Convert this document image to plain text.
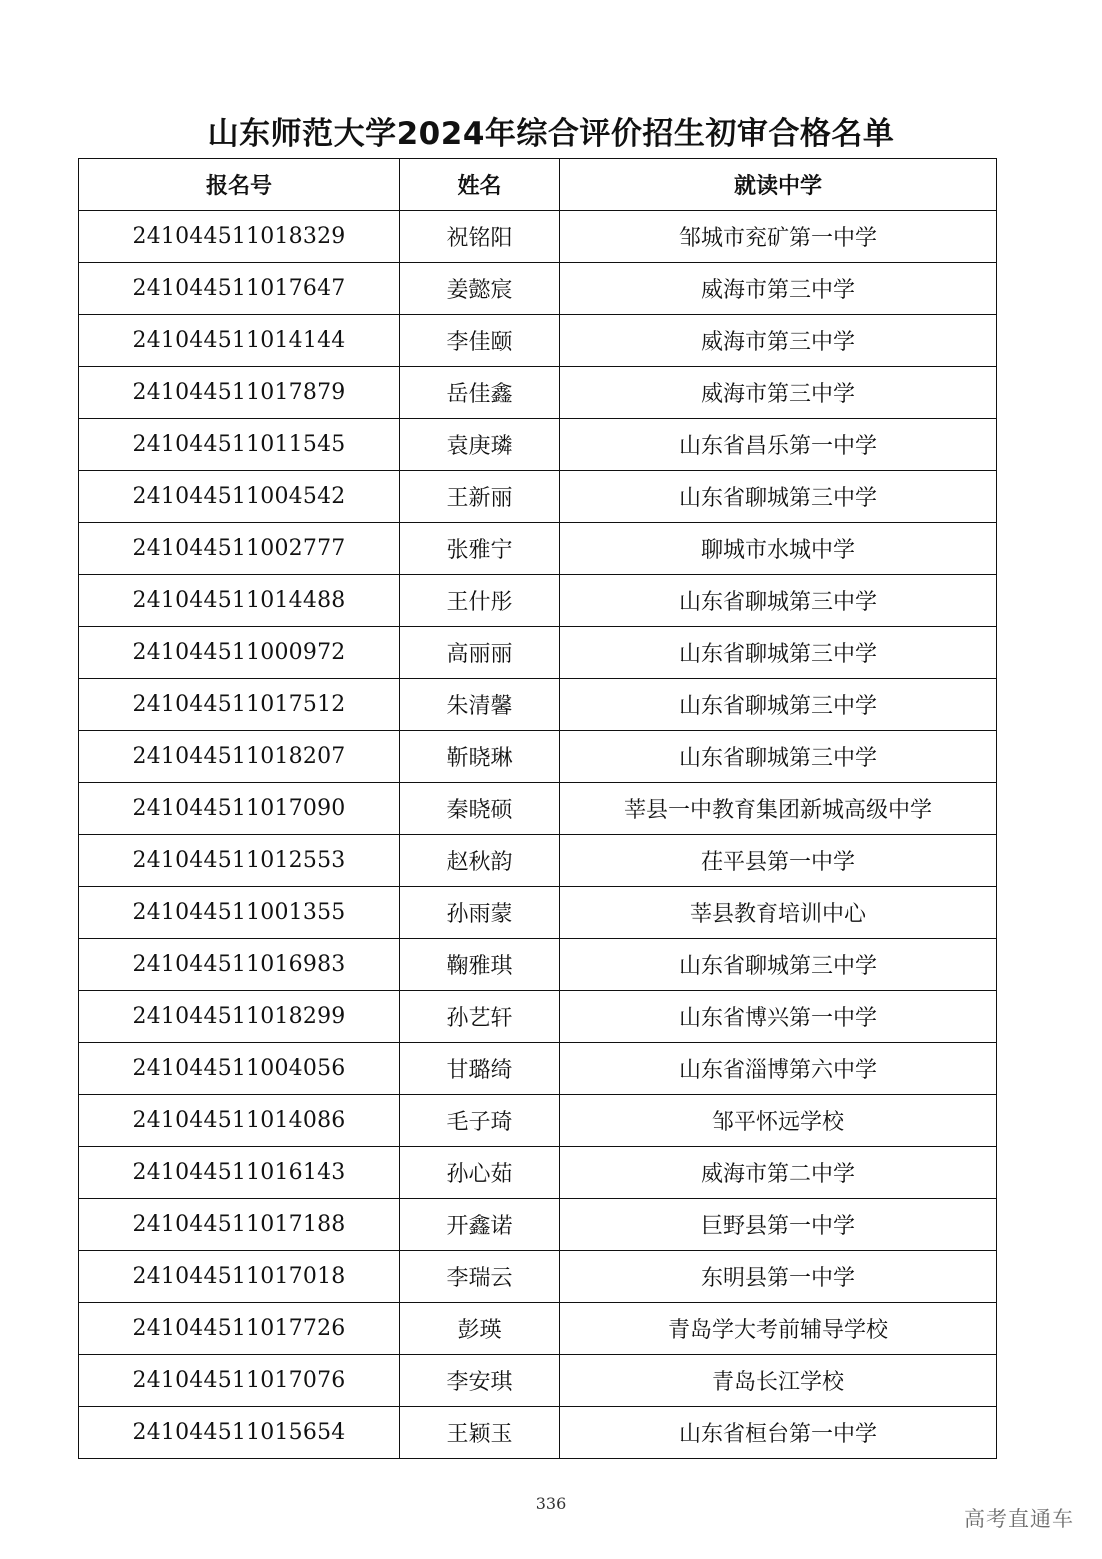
山东师范大学2024年综合评价招生初审合格名单
报名号	姓名	就读中学
241044511018329	祝铭阳	邹城市兖矿第一中学
241044511017647	姜懿宸	威海市第三中学
241044511014144	李佳颐	威海市第三中学
241044511017879	岳佳鑫	威海市第三中学
241044511011545	袁庚璘	山东省昌乐第一中学
241044511004542	王新丽	山东省聊城第三中学
241044511002777	张雅宁	聊城市水城中学
241044511014488	王什彤	山东省聊城第三中学
241044511000972	高丽丽	山东省聊城第三中学
241044511017512	朱清馨	山东省聊城第三中学
241044511018207	靳晓琳	山东省聊城第三中学
241044511017090	秦晓硕	莘县一中教育集团新城高级中学
241044511012553	赵秋韵	茌平县第一中学
241044511001355	孙雨蒙	莘县教育培训中心
241044511016983	鞠雅琪	山东省聊城第三中学
241044511018299	孙艺轩	山东省博兴第一中学
241044511004056	甘璐绮	山东省淄博第六中学
241044511014086	毛子琦	邹平怀远学校
241044511016143	孙心茹	威海市第二中学
241044511017188	开鑫诺	巨野县第一中学
241044511017018	李瑞云	东明县第一中学
241044511017726	彭瑛	青岛学大考前辅导学校
241044511017076	李安琪	青岛长江学校
241044511015654	王颖玉	山东省桓台第一中学
336
高考直通车
